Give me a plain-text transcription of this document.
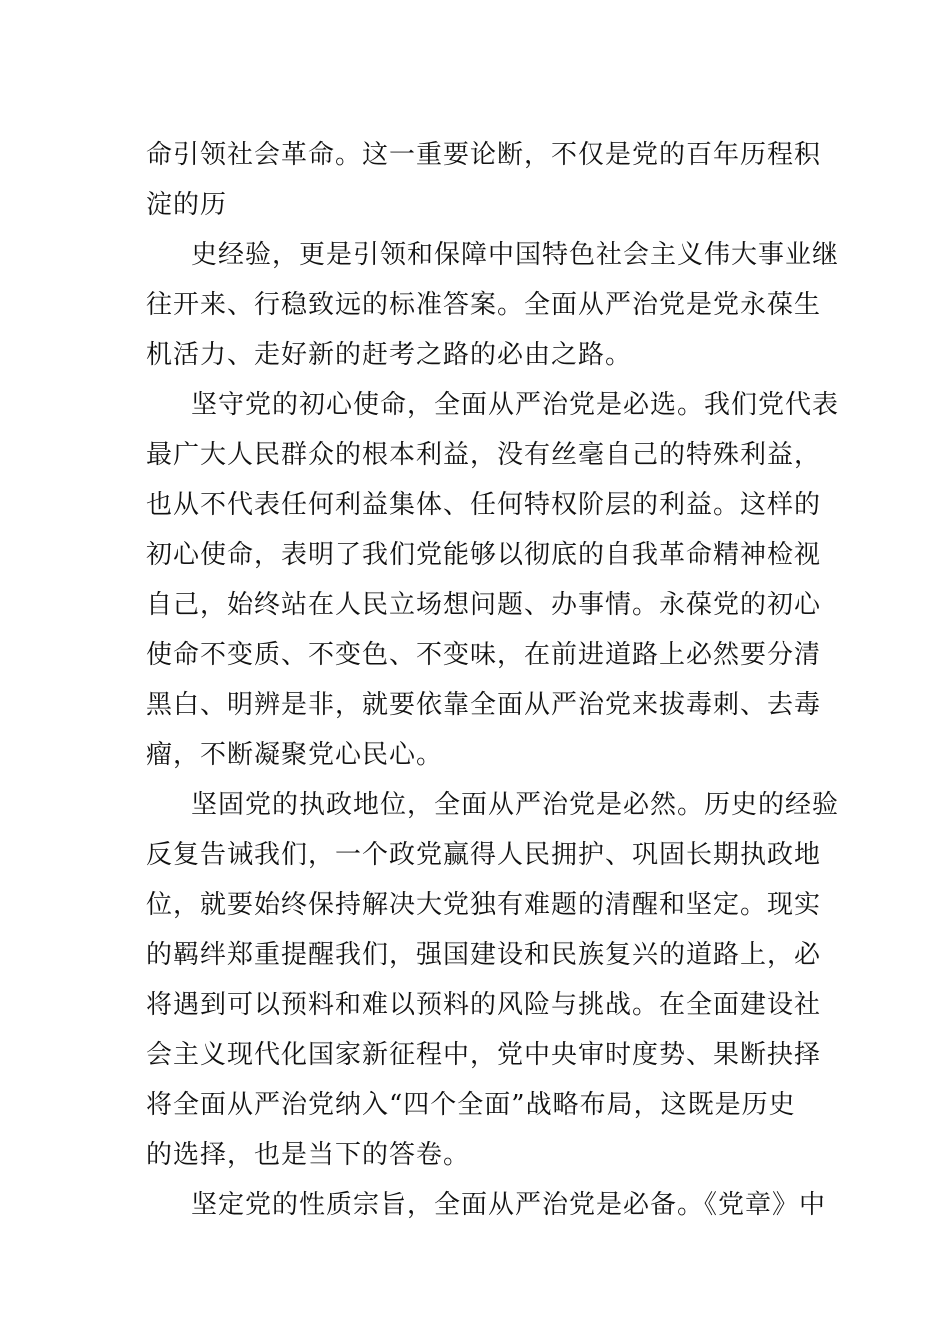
命引领社会革命。这一重要论断，不仅是党的百年历程积
淀的历

史经验，更是引领和保障中国特色社会主义伟大事业继
往开来、行稳致远的标准答案。全面从严治党是党永葆生
机活力、走好新的赶考之路的必由之路。

坚守党的初心使命，全面从严治党是必选。我们党代表
最广大人民群众的根本利益，没有丝毫自己的特殊利益，
也从不代表任何利益集体、任何特权阶层的利益。这样的
初心使命，表明了我们党能够以彻底的自我革命精神检视
自己，始终站在人民立场想问题、办事情。永葆党的初心
使命不变质、不变色、不变味，在前进道路上必然要分清
黑白、明辨是非，就要依靠全面从严治党来拔毒刺、去毒
瘤，不断凝聚党心民心。

坚固党的执政地位，全面从严治党是必然。历史的经验
反复告诫我们，一个政党赢得人民拥护、巩固长期执政地
位，就要始终保持解决大党独有难题的清醒和坚定。现实
的羁绊郑重提醒我们，强国建设和民族复兴的道路上，必
将遇到可以预料和难以预料的风险与挑战。在全面建设社
会主义现代化国家新征程中，党中央审时度势、果断抉择
将全面从严治党纳入“四个全面”战略布局，这既是历史
的选择，也是当下的答卷。

坚定党的性质宗旨，全面从严治党是必备。《党章》中
